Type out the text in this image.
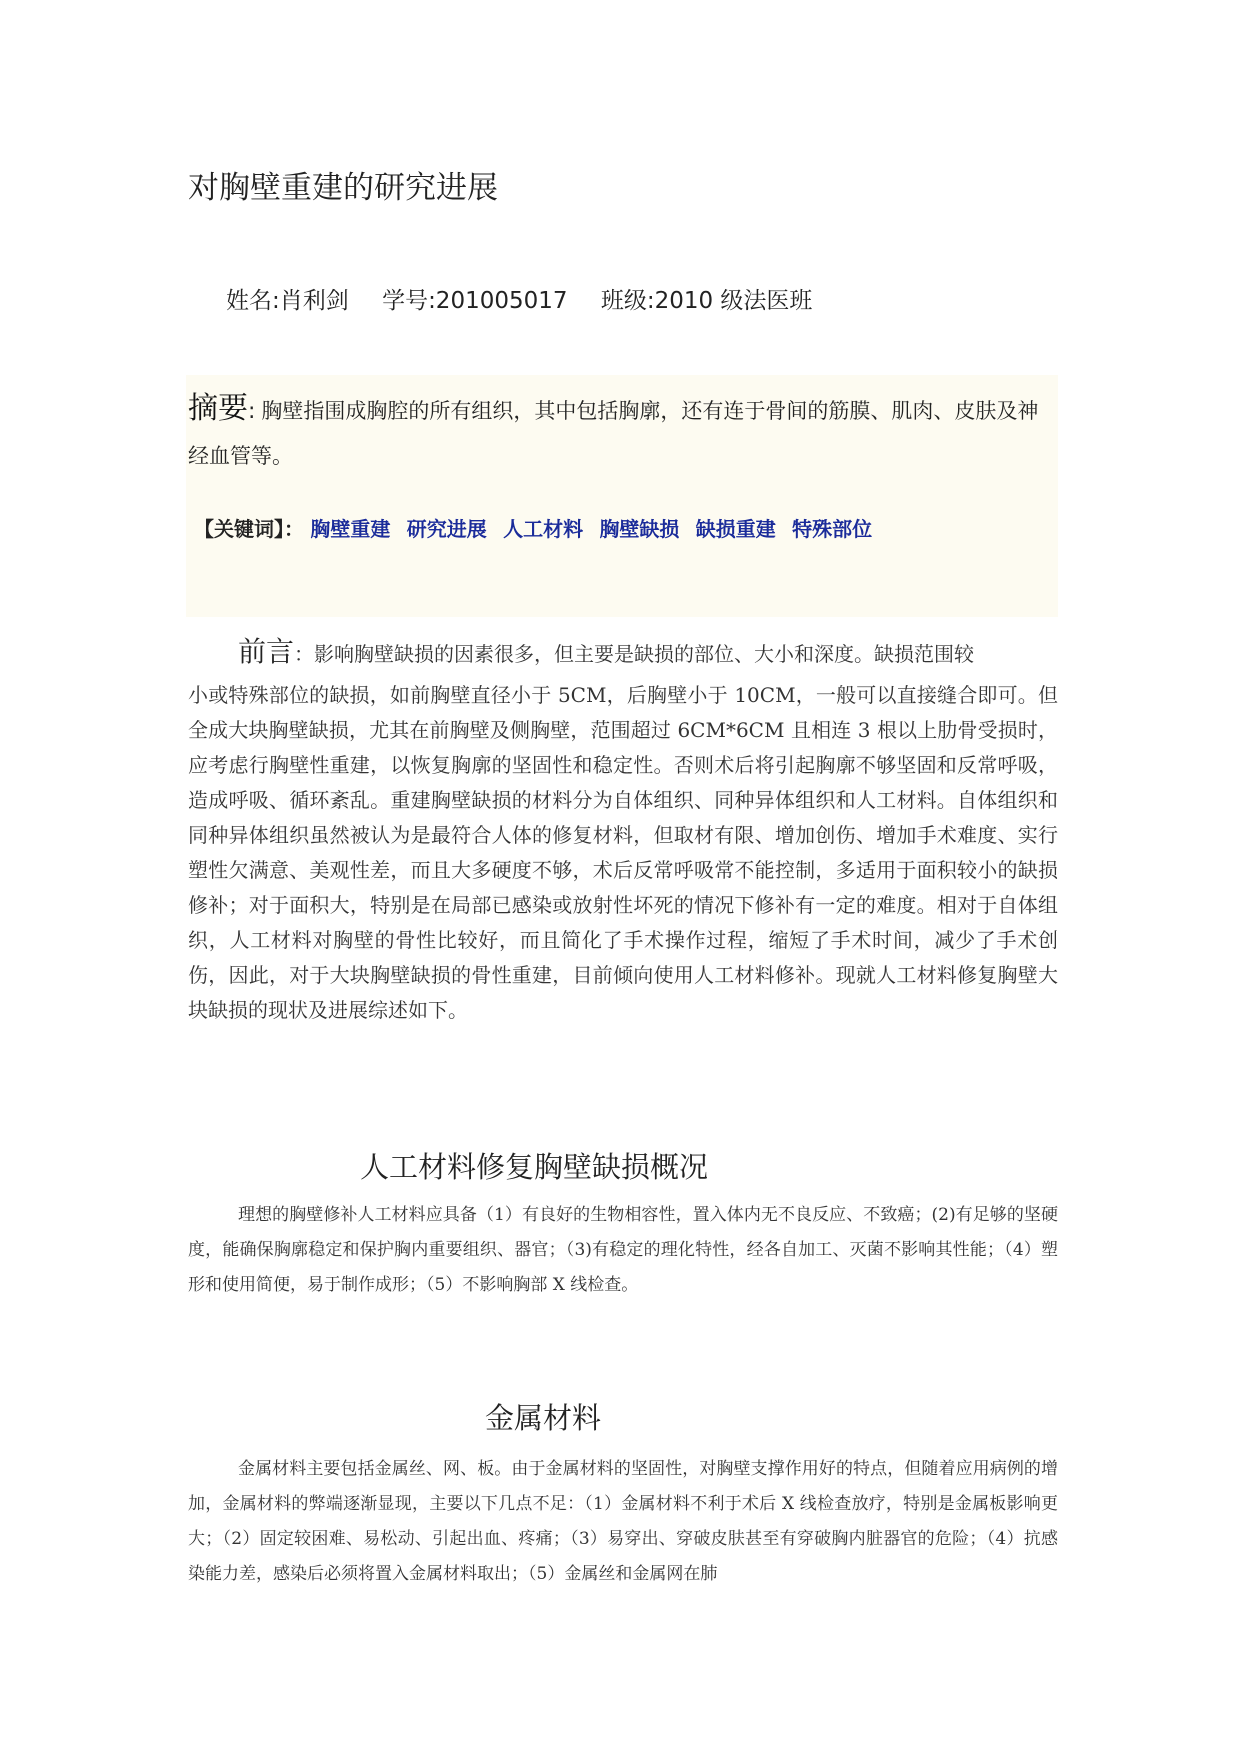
对胸壁重建的研究进展
姓名:肖利剑 学号:201005017 班级:2010 级法医班
摘要: 胸壁指围成胸腔的所有组织，其中包括胸廓，还有连于骨间的筋膜、肌肉、皮肤及神经血管等。
【关键词】： 胸壁重建 研究进展 人工材料 胸壁缺损 缺损重建 特殊部位
前言：影响胸壁缺损的因素很多，但主要是缺损的部位、大小和深度。缺损范围较
小或特殊部位的缺损，如前胸壁直径小于 5CM，后胸壁小于 10CM，一般可以直接缝合即可。但全成大块胸壁缺损，尤其在前胸壁及侧胸壁，范围超过 6CM*6CM 且相连 3 根以上肋骨受损时，应考虑行胸壁性重建，以恢复胸廓的坚固性和稳定性。否则术后将引起胸廓不够坚固和反常呼吸，造成呼吸、循环紊乱。重建胸壁缺损的材料分为自体组织、同种异体组织和人工材料。自体组织和同种异体组织虽然被认为是最符合人体的修复材料，但取材有限、增加创伤、增加手术难度、实行塑性欠满意、美观性差，而且大多硬度不够，术后反常呼吸常不能控制，多适用于面积较小的缺损修补；对于面积大，特别是在局部已感染或放射性坏死的情况下修补有一定的难度。相对于自体组织，人工材料对胸壁的骨性比较好，而且简化了手术操作过程，缩短了手术时间，减少了手术创伤，因此，对于大块胸壁缺损的骨性重建，目前倾向使用人工材料修补。现就人工材料修复胸壁大块缺损的现状及进展综述如下。
人工材料修复胸壁缺损概况
理想的胸壁修补人工材料应具备（1）有良好的生物相容性，置入体内无不良反应、不致癌；(2)有足够的坚硬度，能确保胸廓稳定和保护胸内重要组织、器官；（3)有稳定的理化特性，经各自加工、灭菌不影响其性能；（4）塑形和使用简便，易于制作成形；（5）不影响胸部 X 线检查。
金属材料
金属材料主要包括金属丝、网、板。由于金属材料的坚固性，对胸壁支撑作用好的特点，但随着应用病例的增加，金属材料的弊端逐渐显现，主要以下几点不足：（1）金属材料不利于术后 X 线检查放疗，特别是金属板影响更大；（2）固定较困难、易松动、引起出血、疼痛；（3）易穿出、穿破皮肤甚至有穿破胸内脏器官的危险；（4）抗感染能力差，感染后必须将置入金属材料取出；（5）金属丝和金属网在肺
